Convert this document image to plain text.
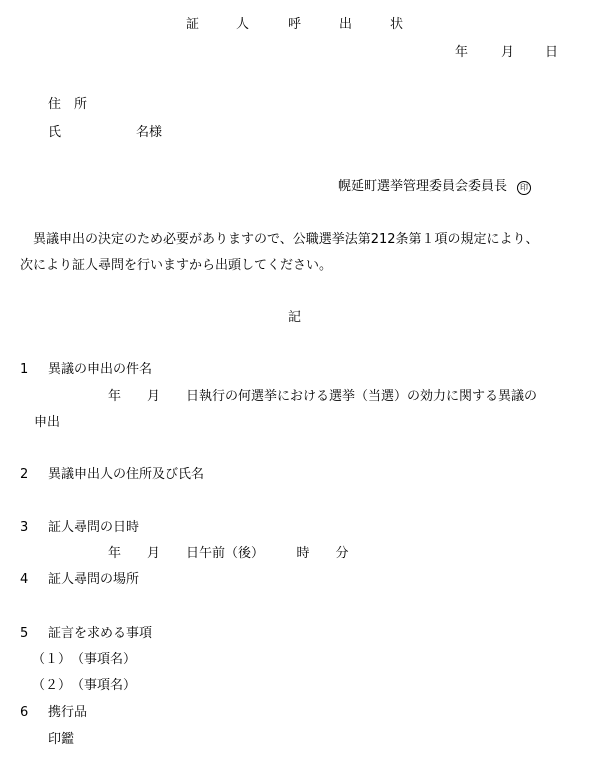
証	人	呼	出	状
年	月 日
住　所
氏	名様
幌延町選挙管理委員会委員長 印
　異議申出の決定のため必要がありますので、公職選挙法第212条第１項の規定により、
次により証人尋問を行いますから出頭してください。
記
1 異議の申出の件名
年　　月　　日執行の何選挙における選挙（当選）の効力に関する異議の
申出
2 異議申出人の住所及び氏名
3 証人尋問の日時
年　　月　　日午前（後）　　　時　　分
4 証人尋問の場所
5 証言を求める事項
（１）　（事項名）
（２）　（事項名）
6 携行品
印鑑
